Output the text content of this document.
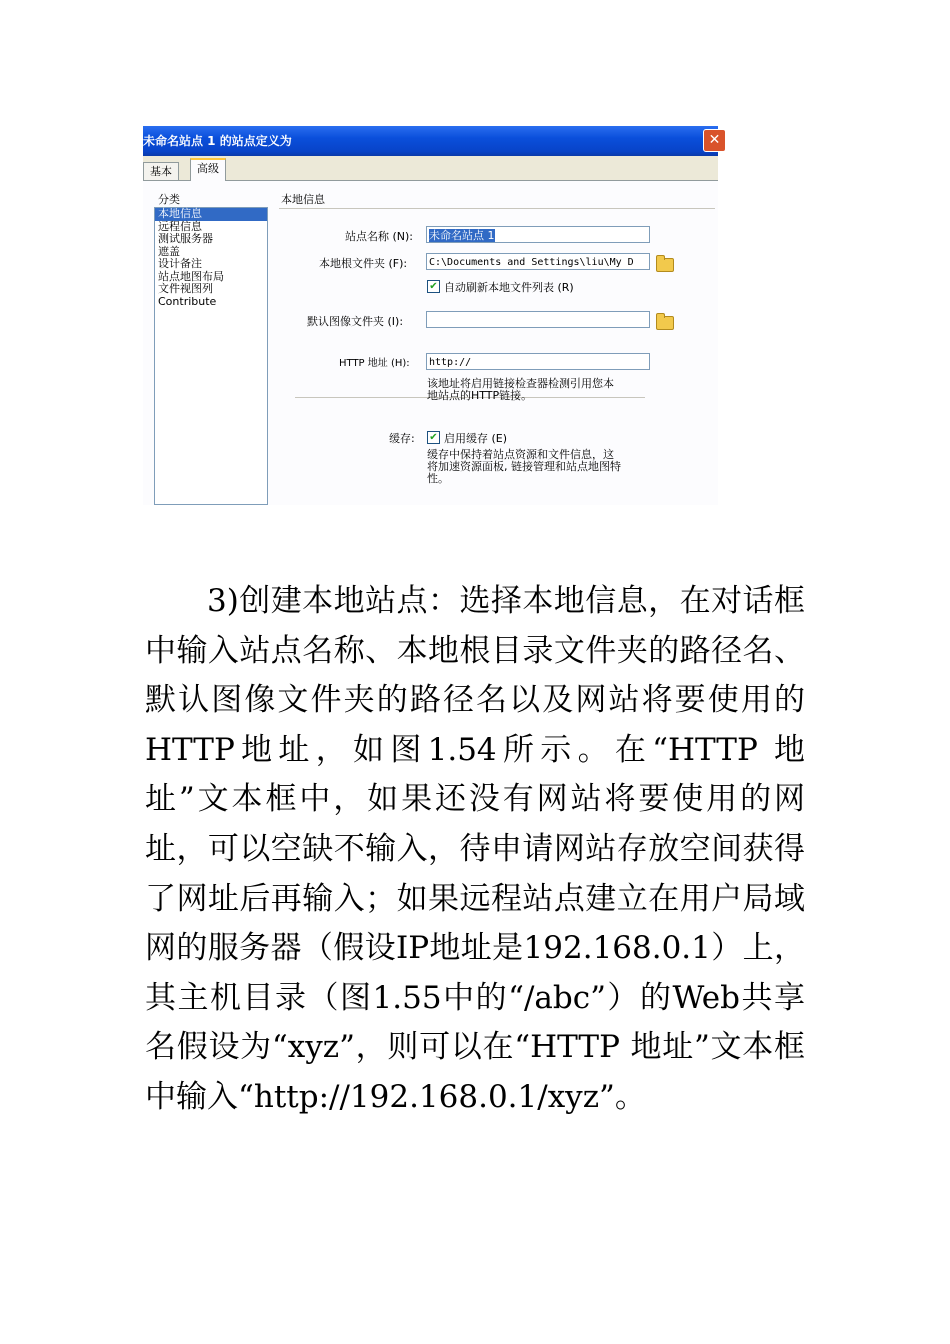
未命名站点 1 的站点定义为	✕
基本	高级
分类
本地信息
远程信息
测试服务器
遮盖
设计备注
站点地图布局
文件视图列
Contribute
本地信息
站点名称 (N): 未命名站点 1
本地根文件夹 (F):	C:\Documents and Settings\liu\My D
✔ 自动刷新本地文件列表 (R)
默认图像文件夹 (I):
HTTP 地址 (H):	http://
该地址将启用链接检查器检测引用您本
地站点的HTTP链接。
缓存: ✔ 启用缓存 (E)
缓存中保持着站点资源和文件信息，这
将加速资源面板, 链接管理和站点地图特
性。

3)创建本地站点：选择本地信息，在对话框中输入站点名称、本地根目录文件夹的路径名、默认图像文件夹的路径名以及网站将要使用的HTTP地址，如图1.54所示。在“HTTP 地址”文本框中，如果还没有网站将要使用的网址，可以空缺不输入，待申请网站存放空间获得了网址后再输入；如果远程站点建立在用户局域网的服务器（假设IP地址是192.168.0.1）上，其主机目录（图1.55中的“/abc”）的Web共享名假设为“xyz”，则可以在“HTTP 地址”文本框中输入“http://192.168.0.1/xyz”。
